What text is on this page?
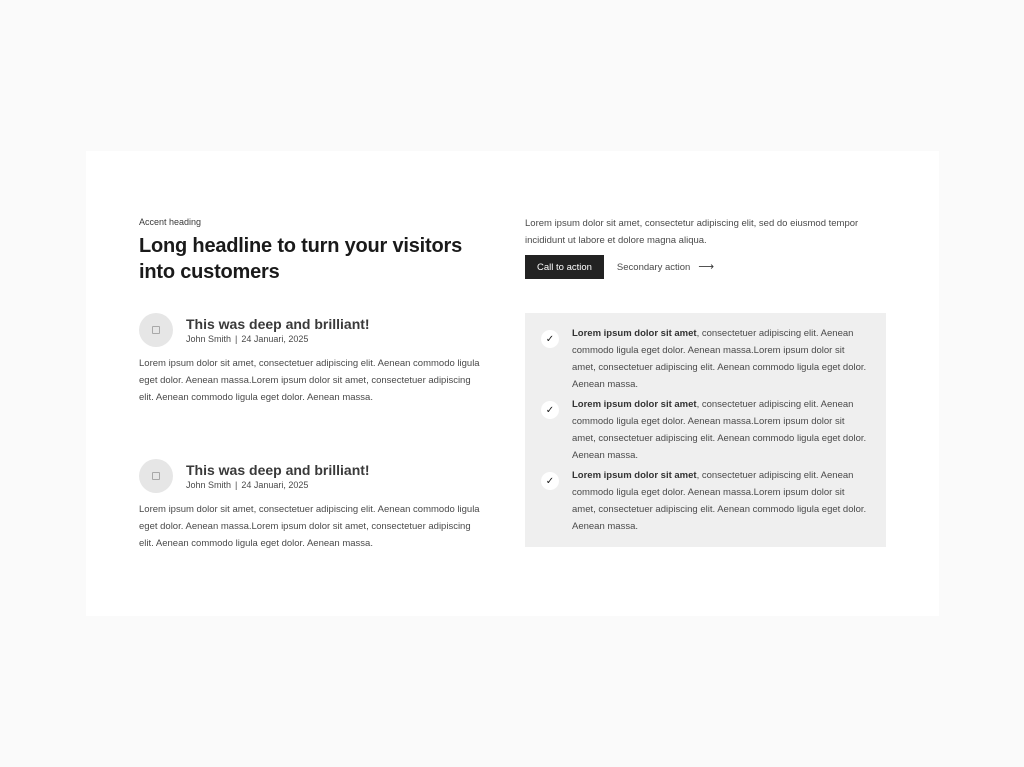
Accent heading

Long headline to turn your visitors into customers
This was deep and brilliant!
John Smith | 24 Januari, 2025

Lorem ipsum dolor sit amet, consectetuer adipiscing elit. Aenean commodo ligula eget dolor. Aenean massa.Lorem ipsum dolor sit amet, consectetuer adipiscing elit. Aenean commodo ligula eget dolor. Aenean massa.

This was deep and brilliant!
John Smith | 24 Januari, 2025

Lorem ipsum dolor sit amet, consectetuer adipiscing elit. Aenean commodo ligula eget dolor. Aenean massa.Lorem ipsum dolor sit amet, consectetuer adipiscing elit. Aenean commodo ligula eget dolor. Aenean massa.

Lorem ipsum dolor sit amet, consectetur adipiscing elit, sed do eiusmod tempor incididunt ut labore et dolore magna aliqua.

Call to action	Secondary action ⟶
✓	Lorem ipsum dolor sit amet, consectetuer adipiscing elit. Aenean commodo ligula eget dolor. Aenean massa.Lorem ipsum dolor sit amet, consectetuer adipiscing elit. Aenean commodo ligula eget dolor. Aenean massa.
✓	Lorem ipsum dolor sit amet, consectetuer adipiscing elit. Aenean commodo ligula eget dolor. Aenean massa.Lorem ipsum dolor sit amet, consectetuer adipiscing elit. Aenean commodo ligula eget dolor. Aenean massa.
✓	Lorem ipsum dolor sit amet, consectetuer adipiscing elit. Aenean commodo ligula eget dolor. Aenean massa.Lorem ipsum dolor sit amet, consectetuer adipiscing elit. Aenean commodo ligula eget dolor. Aenean massa.
